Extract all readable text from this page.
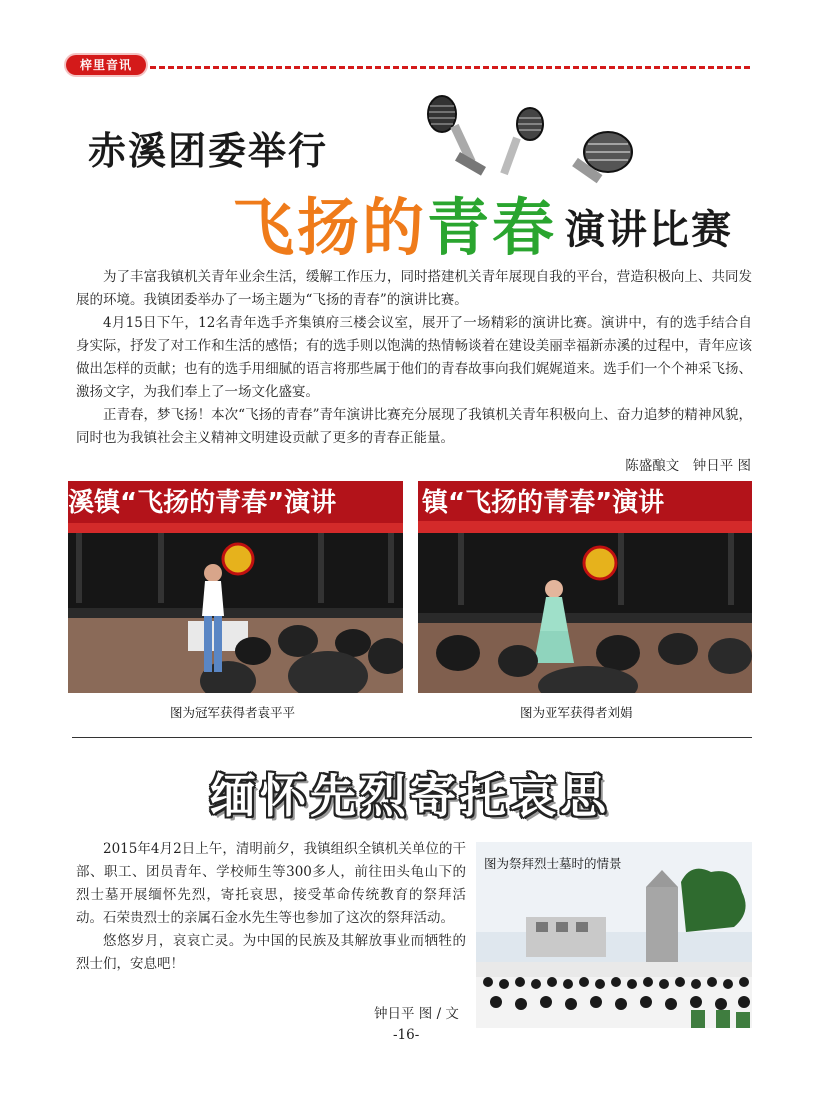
梓里音讯
赤溪团委举行
飞扬的青春 演讲比赛

为了丰富我镇机关青年业余生活，缓解工作压力，同时搭建机关青年展现自我的平台，营造积极向上、共同发展的环境。我镇团委举办了一场主题为“飞扬的青春”的演讲比赛。

4月15日下午，12名青年选手齐集镇府三楼会议室，展开了一场精彩的演讲比赛。演讲中，有的选手结合自身实际，抒发了对工作和生活的感悟；有的选手则以饱满的热情畅谈着在建设美丽幸福新赤溪的过程中，青年应该做出怎样的贡献；也有的选手用细腻的语言将那些属于他们的青春故事向我们娓娓道来。选手们一个个神采飞扬、激扬文字，为我们奉上了一场文化盛宴。

正青春，梦飞扬！本次“飞扬的青春”青年演讲比赛充分展现了我镇机关青年积极向上、奋力追梦的精神风貌，同时也为我镇社会主义精神文明建设贡献了更多的青春正能量。

陈盛酿文　钟日平 图
溪镇“飞扬的青春”演讲
图为冠军获得者袁平平
镇“飞扬的青春”演讲
图为亚军获得者刘娟
缅怀先烈寄托哀思

2015年4月2日上午，清明前夕，我镇组织全镇机关单位的干部、职工、团员青年、学校师生等300多人，前往田头龟山下的烈士墓开展缅怀先烈，寄托哀思，接受革命传统教育的祭拜活动。石荣贵烈士的亲属石金水先生等也参加了这次的祭拜活动。

悠悠岁月，哀哀亡灵。为中国的民族及其解放事业而牺牲的烈士们，安息吧！

钟日平 图 / 文
图为祭拜烈士墓时的情景
-16-
